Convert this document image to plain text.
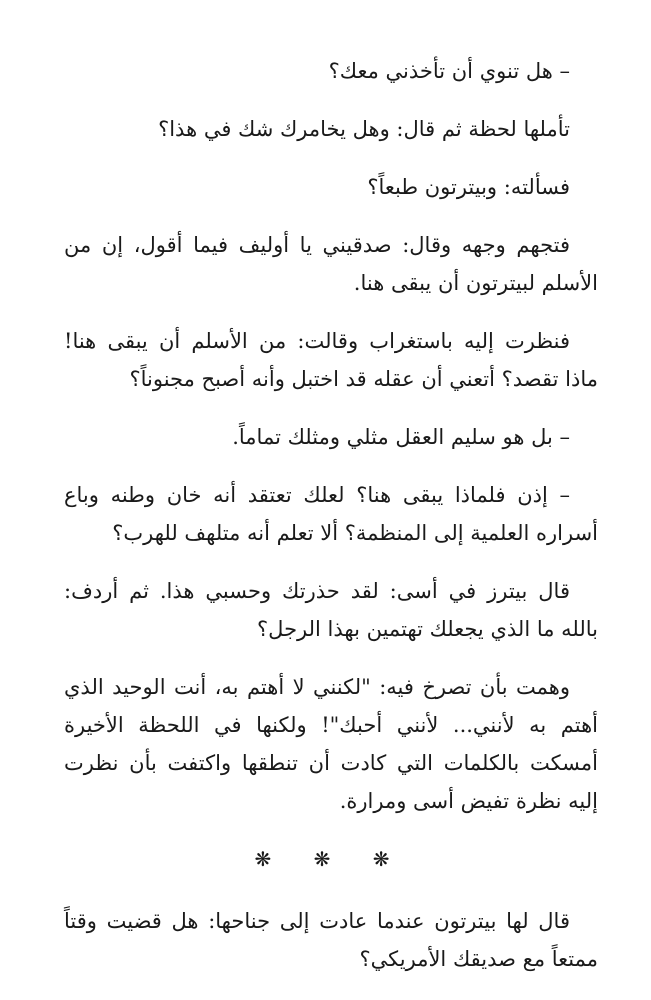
– هل تنوي أن تأخذني معك؟

تأملها لحظة ثم قال: وهل يخامرك شك في هذا؟

فسألته: وبيترتون طبعاً؟

فتجهم وجهه وقال: صدقيني يا أوليف فيما أقول، إن من الأسلم لبيترتون أن يبقى هنا.

فنظرت إليه باستغراب وقالت: من الأسلم أن يبقى هنا! ماذا تقصد؟ أتعني أن عقله قد اختبل وأنه أصبح مجنوناً؟

– بل هو سليم العقل مثلي ومثلك تماماً.

– إذن فلماذا يبقى هنا؟ لعلك تعتقد أنه خان وطنه وباع أسراره العلمية إلى المنظمة؟ ألا تعلم أنه متلهف للهرب؟

قال بيترز في أسى: لقد حذرتك وحسبي هذا. ثم أردف: بالله ما الذي يجعلك تهتمين بهذا الرجل؟

وهمت بأن تصرخ فيه: "لكنني لا أهتم به، أنت الوحيد الذي أهتم به لأنني... لأنني أحبك"! ولكنها في اللحظة الأخيرة أمسكت بالكلمات التي كادت أن تنطقها واكتفت بأن نظرت إليه نظرة تفيض أسى ومرارة.

❋ ❋ ❋

قال لها بيترتون عندما عادت إلى جناحها: هل قضيت وقتاً ممتعاً مع صديقك الأمريكي؟
